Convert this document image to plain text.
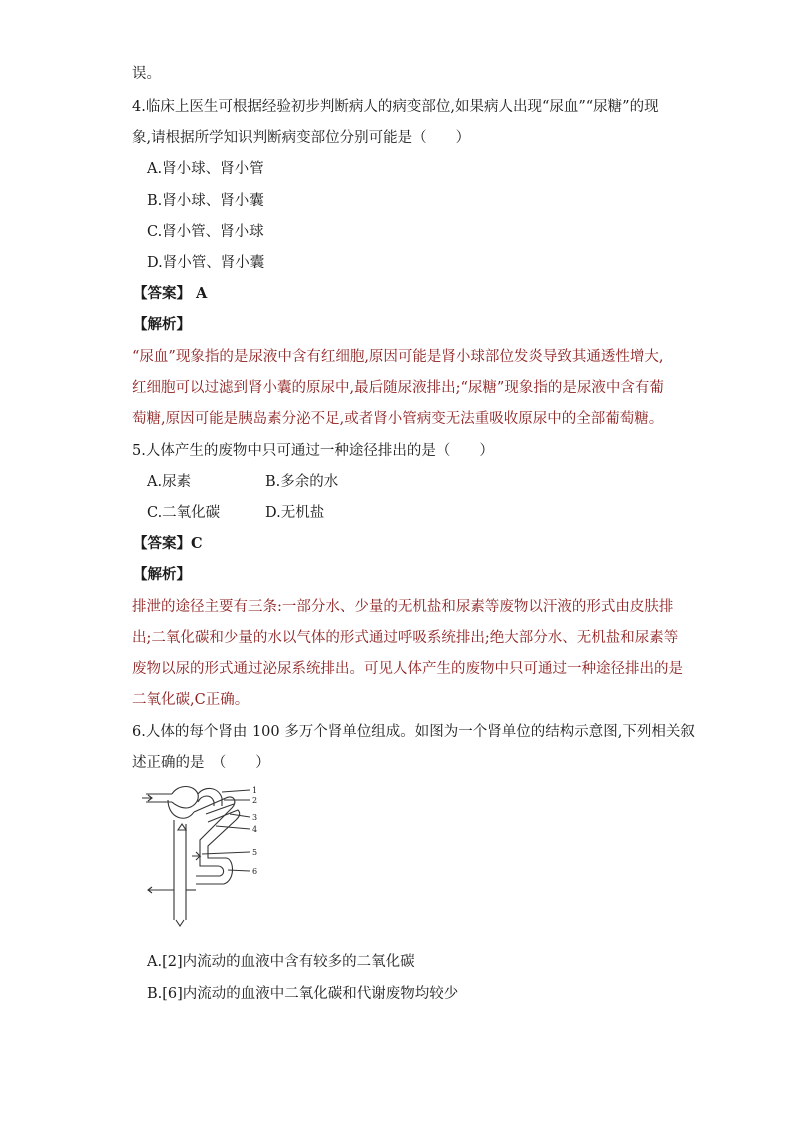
误。
4.临床上医生可根据经验初步判断病人的病变部位,如果病人出现“尿血”“尿糖”的现
象,请根据所学知识判断病变部位分别可能是（　　）
A.肾小球、肾小管
B.肾小球、肾小囊
C.肾小管、肾小球
D.肾小管、肾小囊
【答案】 A
【解析】
“尿血”现象指的是尿液中含有红细胞,原因可能是肾小球部位发炎导致其通透性增大,
红细胞可以过滤到肾小囊的原尿中,最后随尿液排出;“尿糖”现象指的是尿液中含有葡
萄糖,原因可能是胰岛素分泌不足,或者肾小管病变无法重吸收原尿中的全部葡萄糖。
5.人体产生的废物中只可通过一种途径排出的是（　　）
A.尿素	B.多余的水
C.二氧化碳	D.无机盐
【答案】C
【解析】
排泄的途径主要有三条:一部分水、少量的无机盐和尿素等废物以汗液的形式由皮肤排
出;二氧化碳和少量的水以气体的形式通过呼吸系统排出;绝大部分水、无机盐和尿素等
废物以尿的形式通过泌尿系统排出。可见人体产生的废物中只可通过一种途径排出的是
二氧化碳,C正确。
6.人体的每个肾由 100 多万个肾单位组成。如图为一个肾单位的结构示意图,下列相关叙
述正确的是　（　　）
1
2
3
4
5
6
A.[2]内流动的血液中含有较多的二氧化碳
B.[6]内流动的血液中二氧化碳和代谢废物均较少
